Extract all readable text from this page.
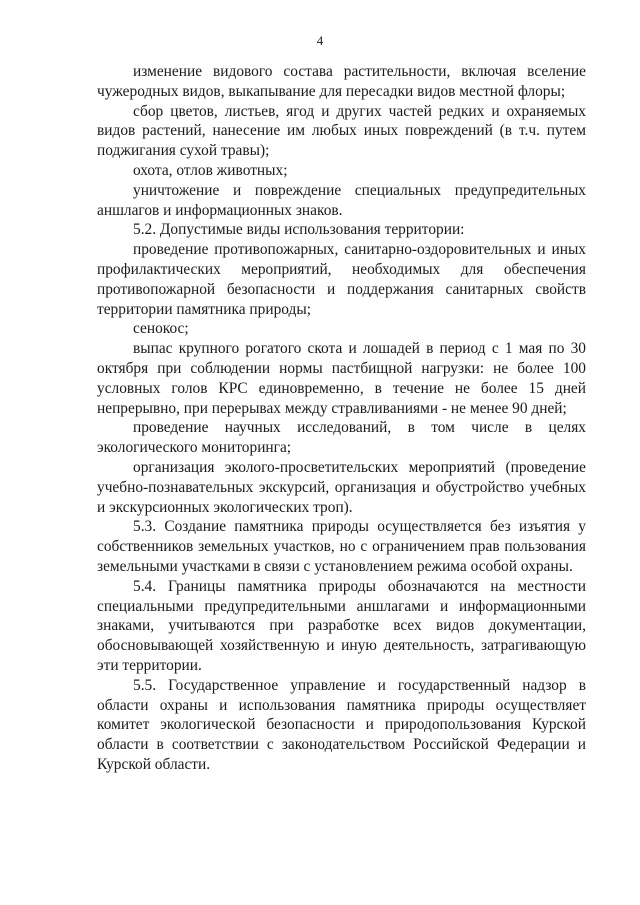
4

изменение видового состава растительности, включая вселение чужеродных видов, выкапывание для пересадки видов местной флоры;

сбор цветов, листьев, ягод и других частей редких и охраняемых видов растений, нанесение им любых иных повреждений (в т.ч. путем поджигания сухой травы);

охота, отлов животных;

уничтожение и повреждение специальных предупредительных аншлагов и информационных знаков.

5.2. Допустимые виды использования территории:

проведение противопожарных, санитарно-оздоровительных и иных профилактических мероприятий, необходимых для обеспечения противопожарной безопасности и поддержания санитарных свойств территории памятника природы;

сенокос;

выпас крупного рогатого скота и лошадей в период с 1 мая по 30 октября при соблюдении нормы пастбищной нагрузки: не более 100 условных голов КРС единовременно, в течение не более 15 дней непрерывно, при перерывах между стравливаниями - не менее 90 дней;

проведение научных исследований, в том числе в целях экологического мониторинга;

организация эколого-просветительских мероприятий (проведение учебно-познавательных экскурсий, организация и обустройство учебных и экскурсионных экологических троп).

5.3. Создание памятника природы осуществляется без изъятия у собственников земельных участков, но с ограничением прав пользования земельными участками в связи с установлением режима особой охраны.

5.4. Границы памятника природы обозначаются на местности специальными предупредительными аншлагами и информационными знаками, учитываются при разработке всех видов документации, обосновывающей хозяйственную и иную деятельность, затрагивающую эти территории.

5.5. Государственное управление и государственный надзор в области охраны и использования памятника природы осуществляет комитет экологической безопасности и природопользования Курской области в соответствии с законодательством Российской Федерации и Курской области.
